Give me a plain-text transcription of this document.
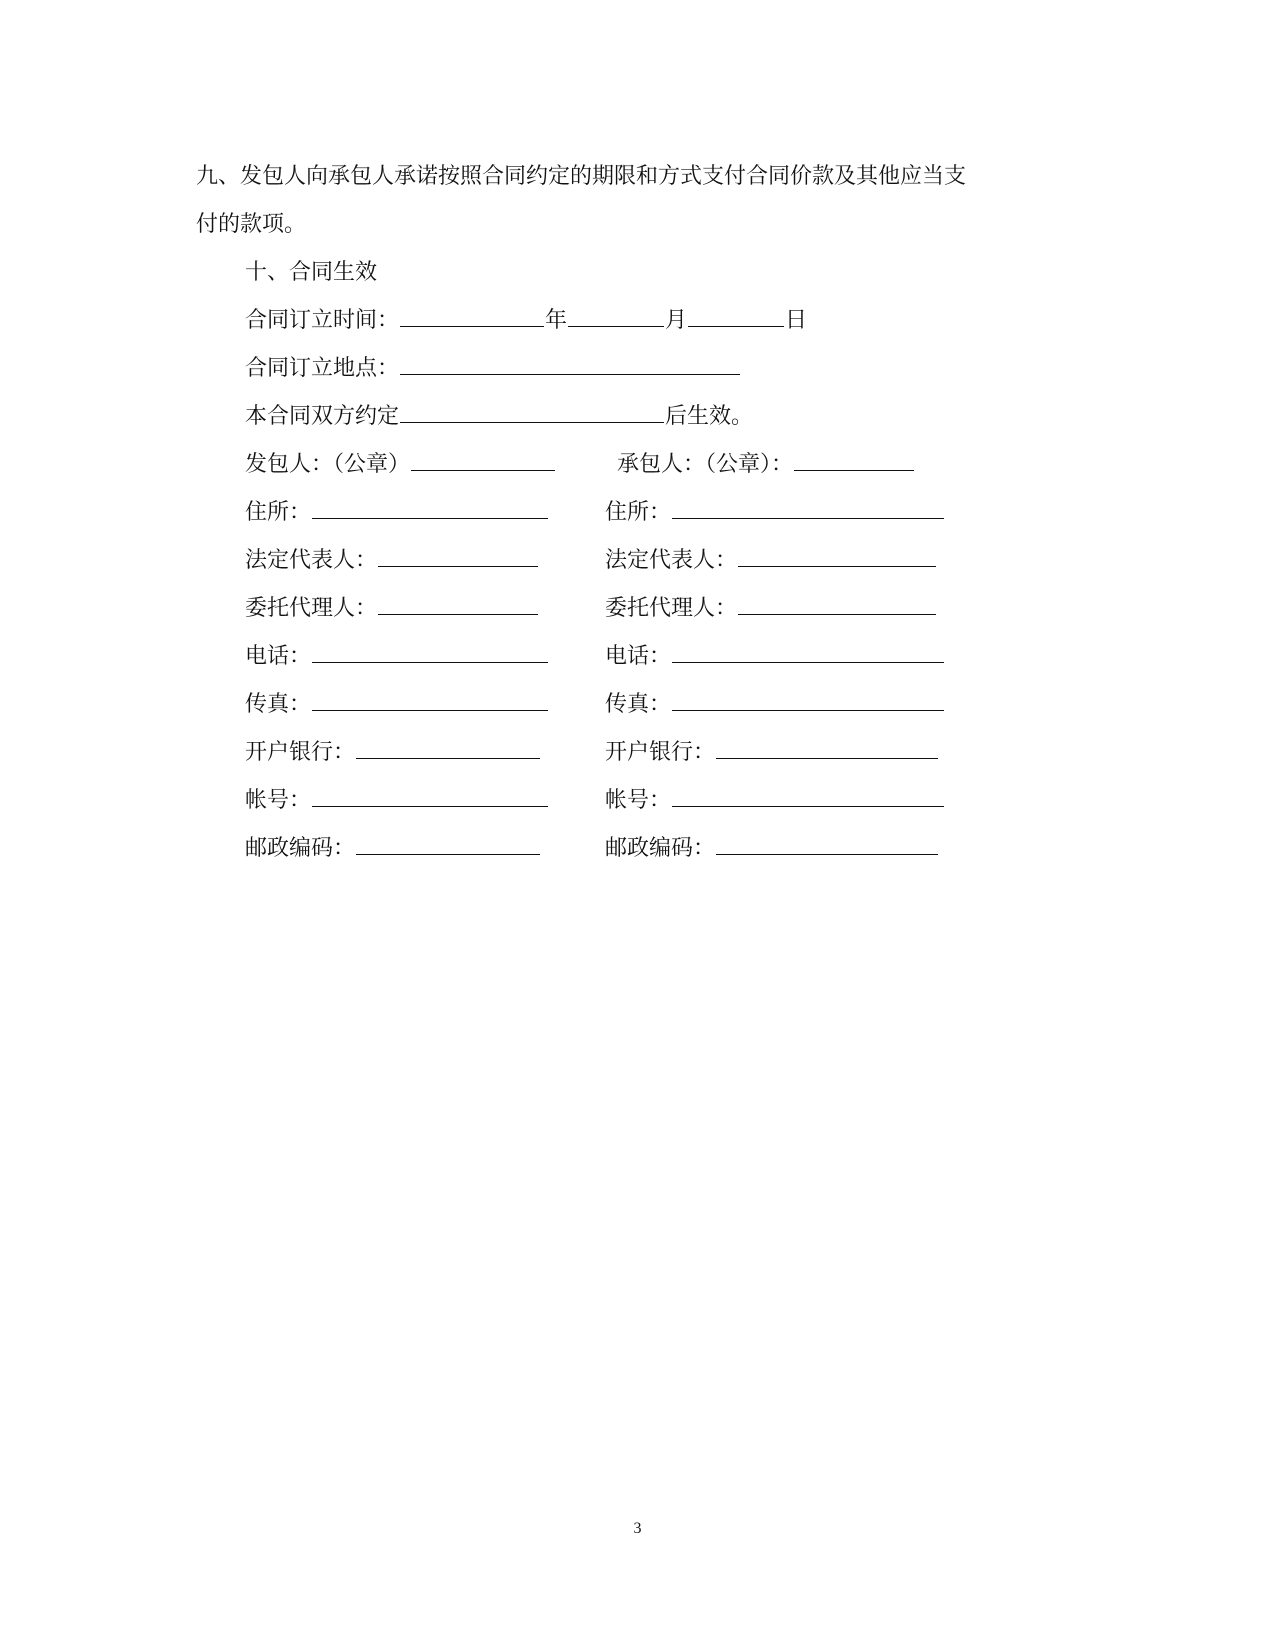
九、发包人向承包人承诺按照合同约定的期限和方式支付合同价款及其他应当支
付的款项。
十、合同生效
合同订立时间：	年	月	日
合同订立地点：
本合同双方约定	后生效。
发包人：（公章）	承包人：（公章）：
住所：	住所：
法定代表人：	法定代表人：
委托代理人：	委托代理人：
电话：	电话：
传真：	传真：
开户银行：	开户银行：
帐号：	帐号：
邮政编码：	邮政编码：
3
